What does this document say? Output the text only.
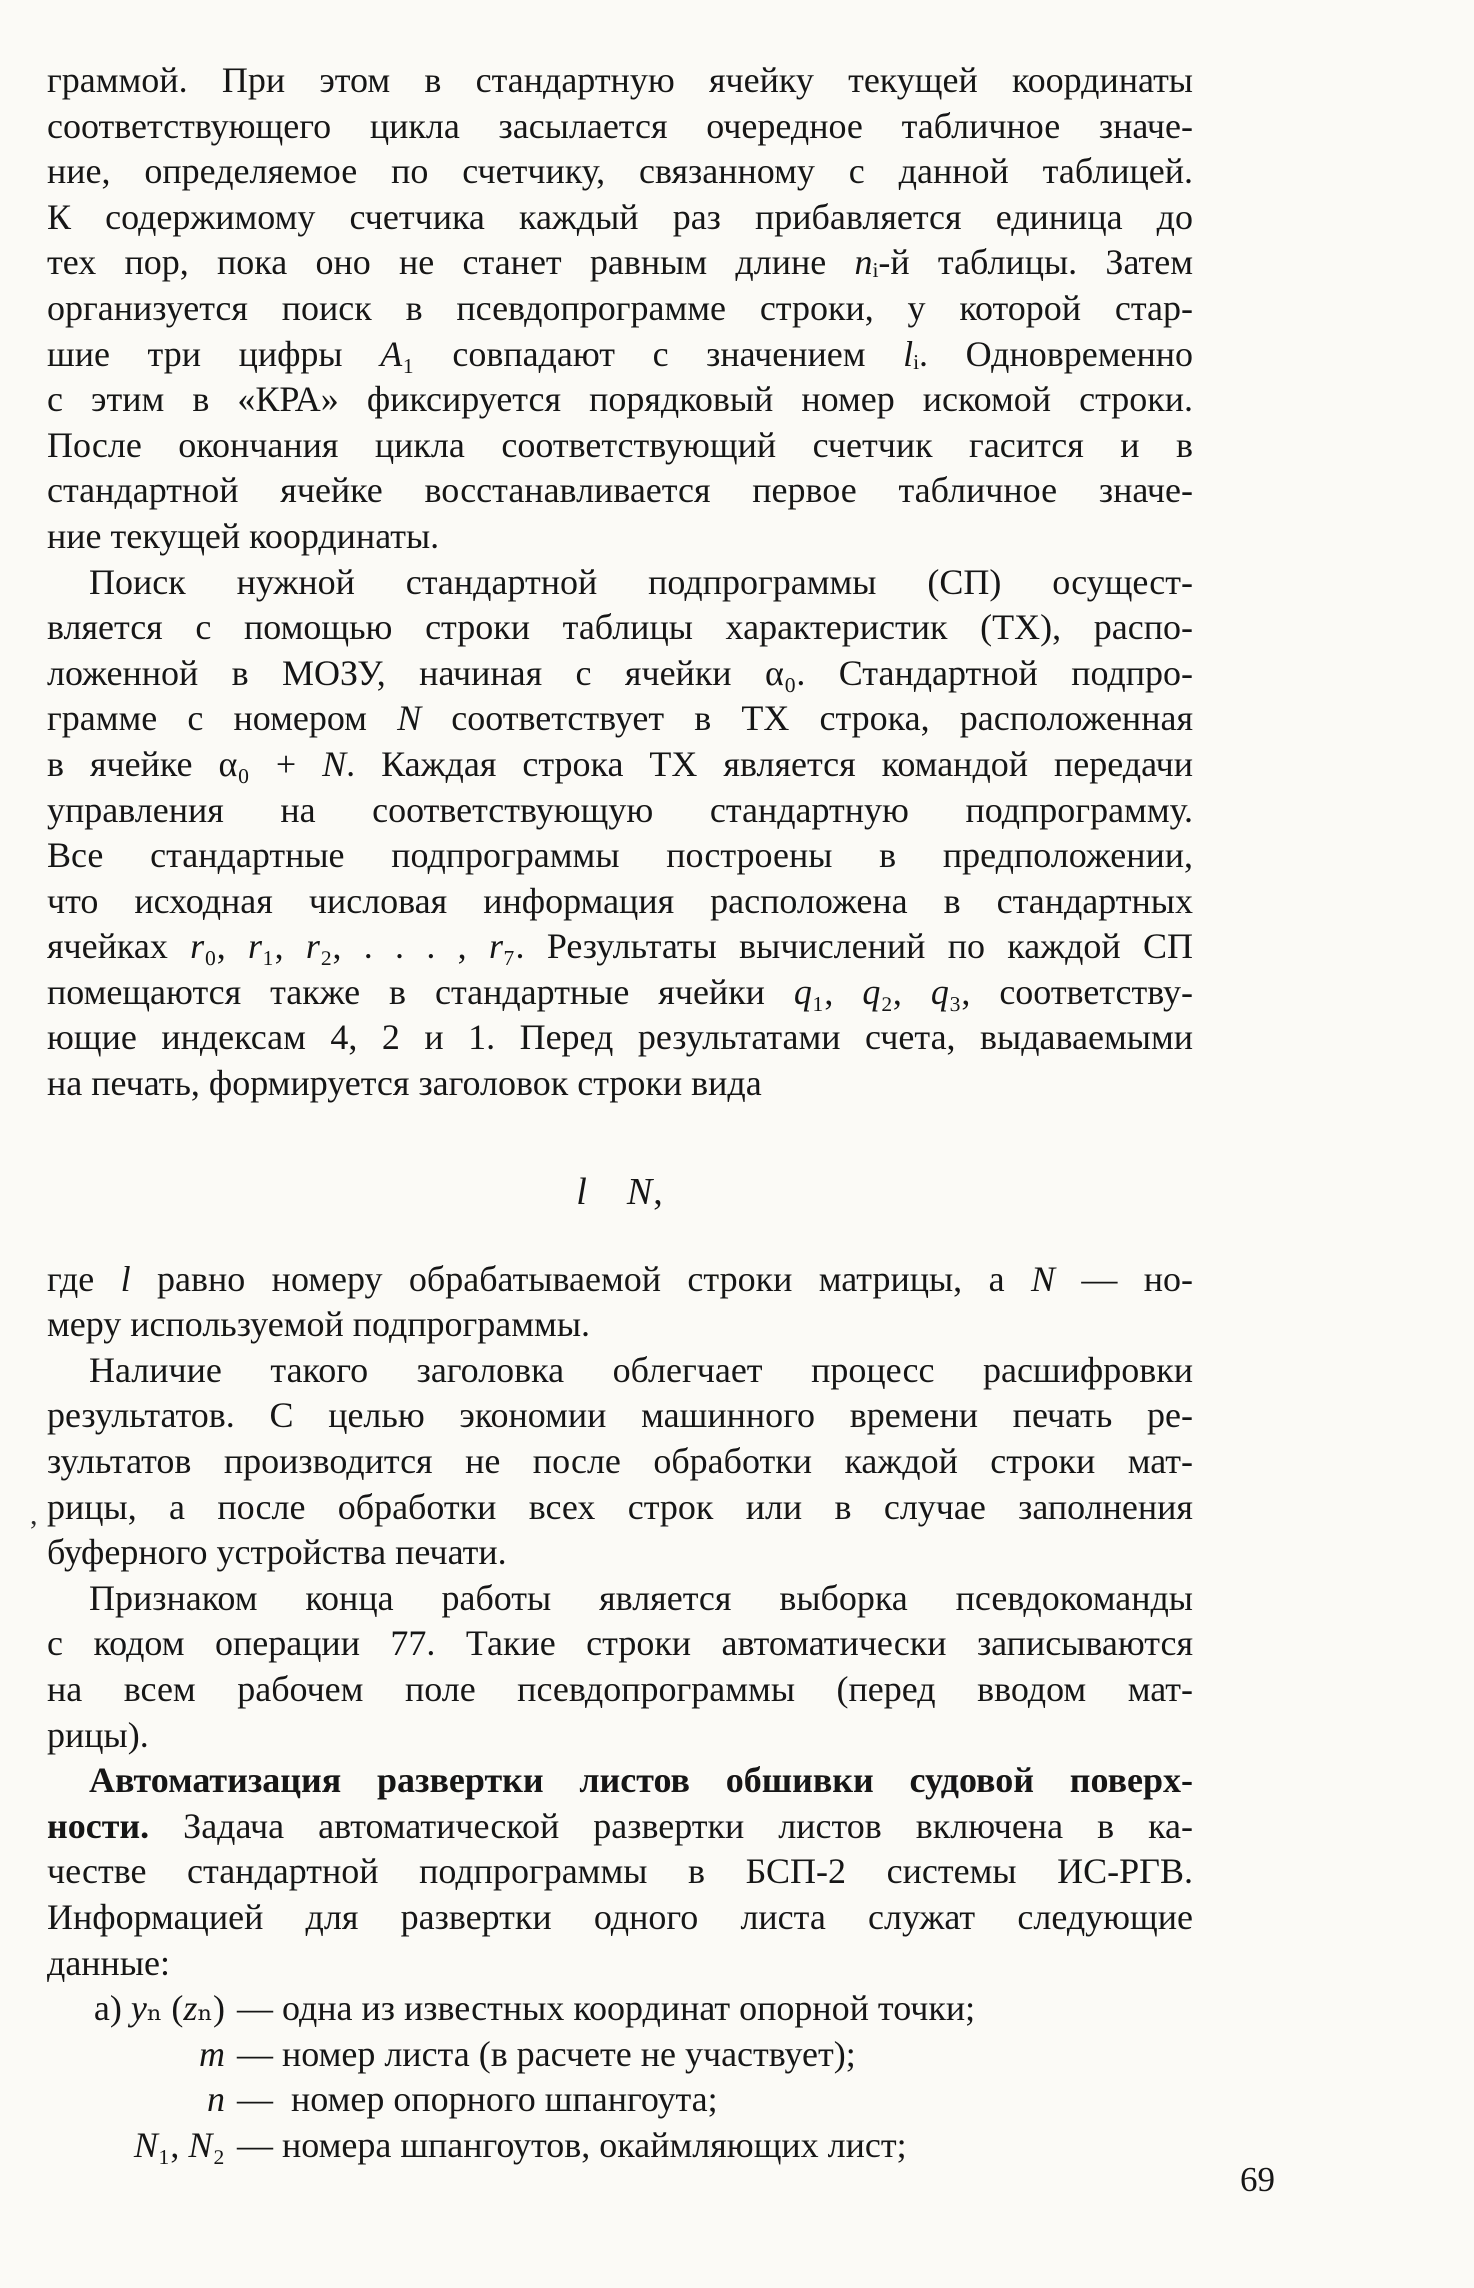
граммой. При этом в стандартную ячейку текущей координаты
соответствующего цикла засылается очередное табличное значе-
ние, определяемое по счетчику, связанному с данной таблицей.
К содержимому счетчика каждый раз прибавляется единица до
тех пор, пока оно не станет равным длине nᵢ-й таблицы. Затем
организуется поиск в псевдопрограмме строки, у которой стар-
шие три цифры A₁ совпадают с значением lᵢ. Одновременно
с этим в «КРА» фиксируется порядковый номер искомой строки.
После окончания цикла соответствующий счетчик гасится и в
стандартной ячейке восстанавливается первое табличное значе-
ние текущей координаты.
Поиск нужной стандартной подпрограммы (СП) осущест-
вляется с помощью строки таблицы характеристик (ТХ), распо-
ложенной в МОЗУ, начиная с ячейки α₀. Стандартной подпро-
грамме с номером N соответствует в ТХ строка, расположенная
в ячейке α₀ + N. Каждая строка ТХ является командой передачи
управления на соответствующую стандартную подпрограмму.
Все стандартные подпрограммы построены в предположении,
что исходная числовая информация расположена в стандартных
ячейках r₀, r₁, r₂, . . . , r₇. Результаты вычислений по каждой СП
помещаются также в стандартные ячейки q₁, q₂, q₃, соответству-
ющие индексам 4, 2 и 1. Перед результатами счета, выдаваемыми
на печать, формируется заголовок строки вида
l  N,
где l равно номеру обрабатываемой строки матрицы, а N — но-
меру используемой подпрограммы.
Наличие такого заголовка облегчает процесс расшифровки
результатов. С целью экономии машинного времени печать ре-
зультатов производится не после обработки каждой строки мат-
рицы, а после обработки всех строк или в случае заполнения
буферного устройства печати.
Признаком конца работы является выборка псевдокоманды
с кодом операции 77. Такие строки автоматически записываются
на всем рабочем поле псевдопрограммы (перед вводом мат-
рицы).
Автоматизация развертки листов обшивки судовой поверх-
ности. Задача автоматической развертки листов включена в ка-
честве стандартной подпрограммы в БСП-2 системы ИС-РГВ.
Информацией для развертки одного листа служат следующие
данные:
а) yₙ (zₙ) — одна из известных координат опорной точки;
m — номер листа (в расчете не участвует);
n — номер опорного шпангоута;
N₁, N₂ — номера шпангоутов, окаймляющих лист;
,
69
